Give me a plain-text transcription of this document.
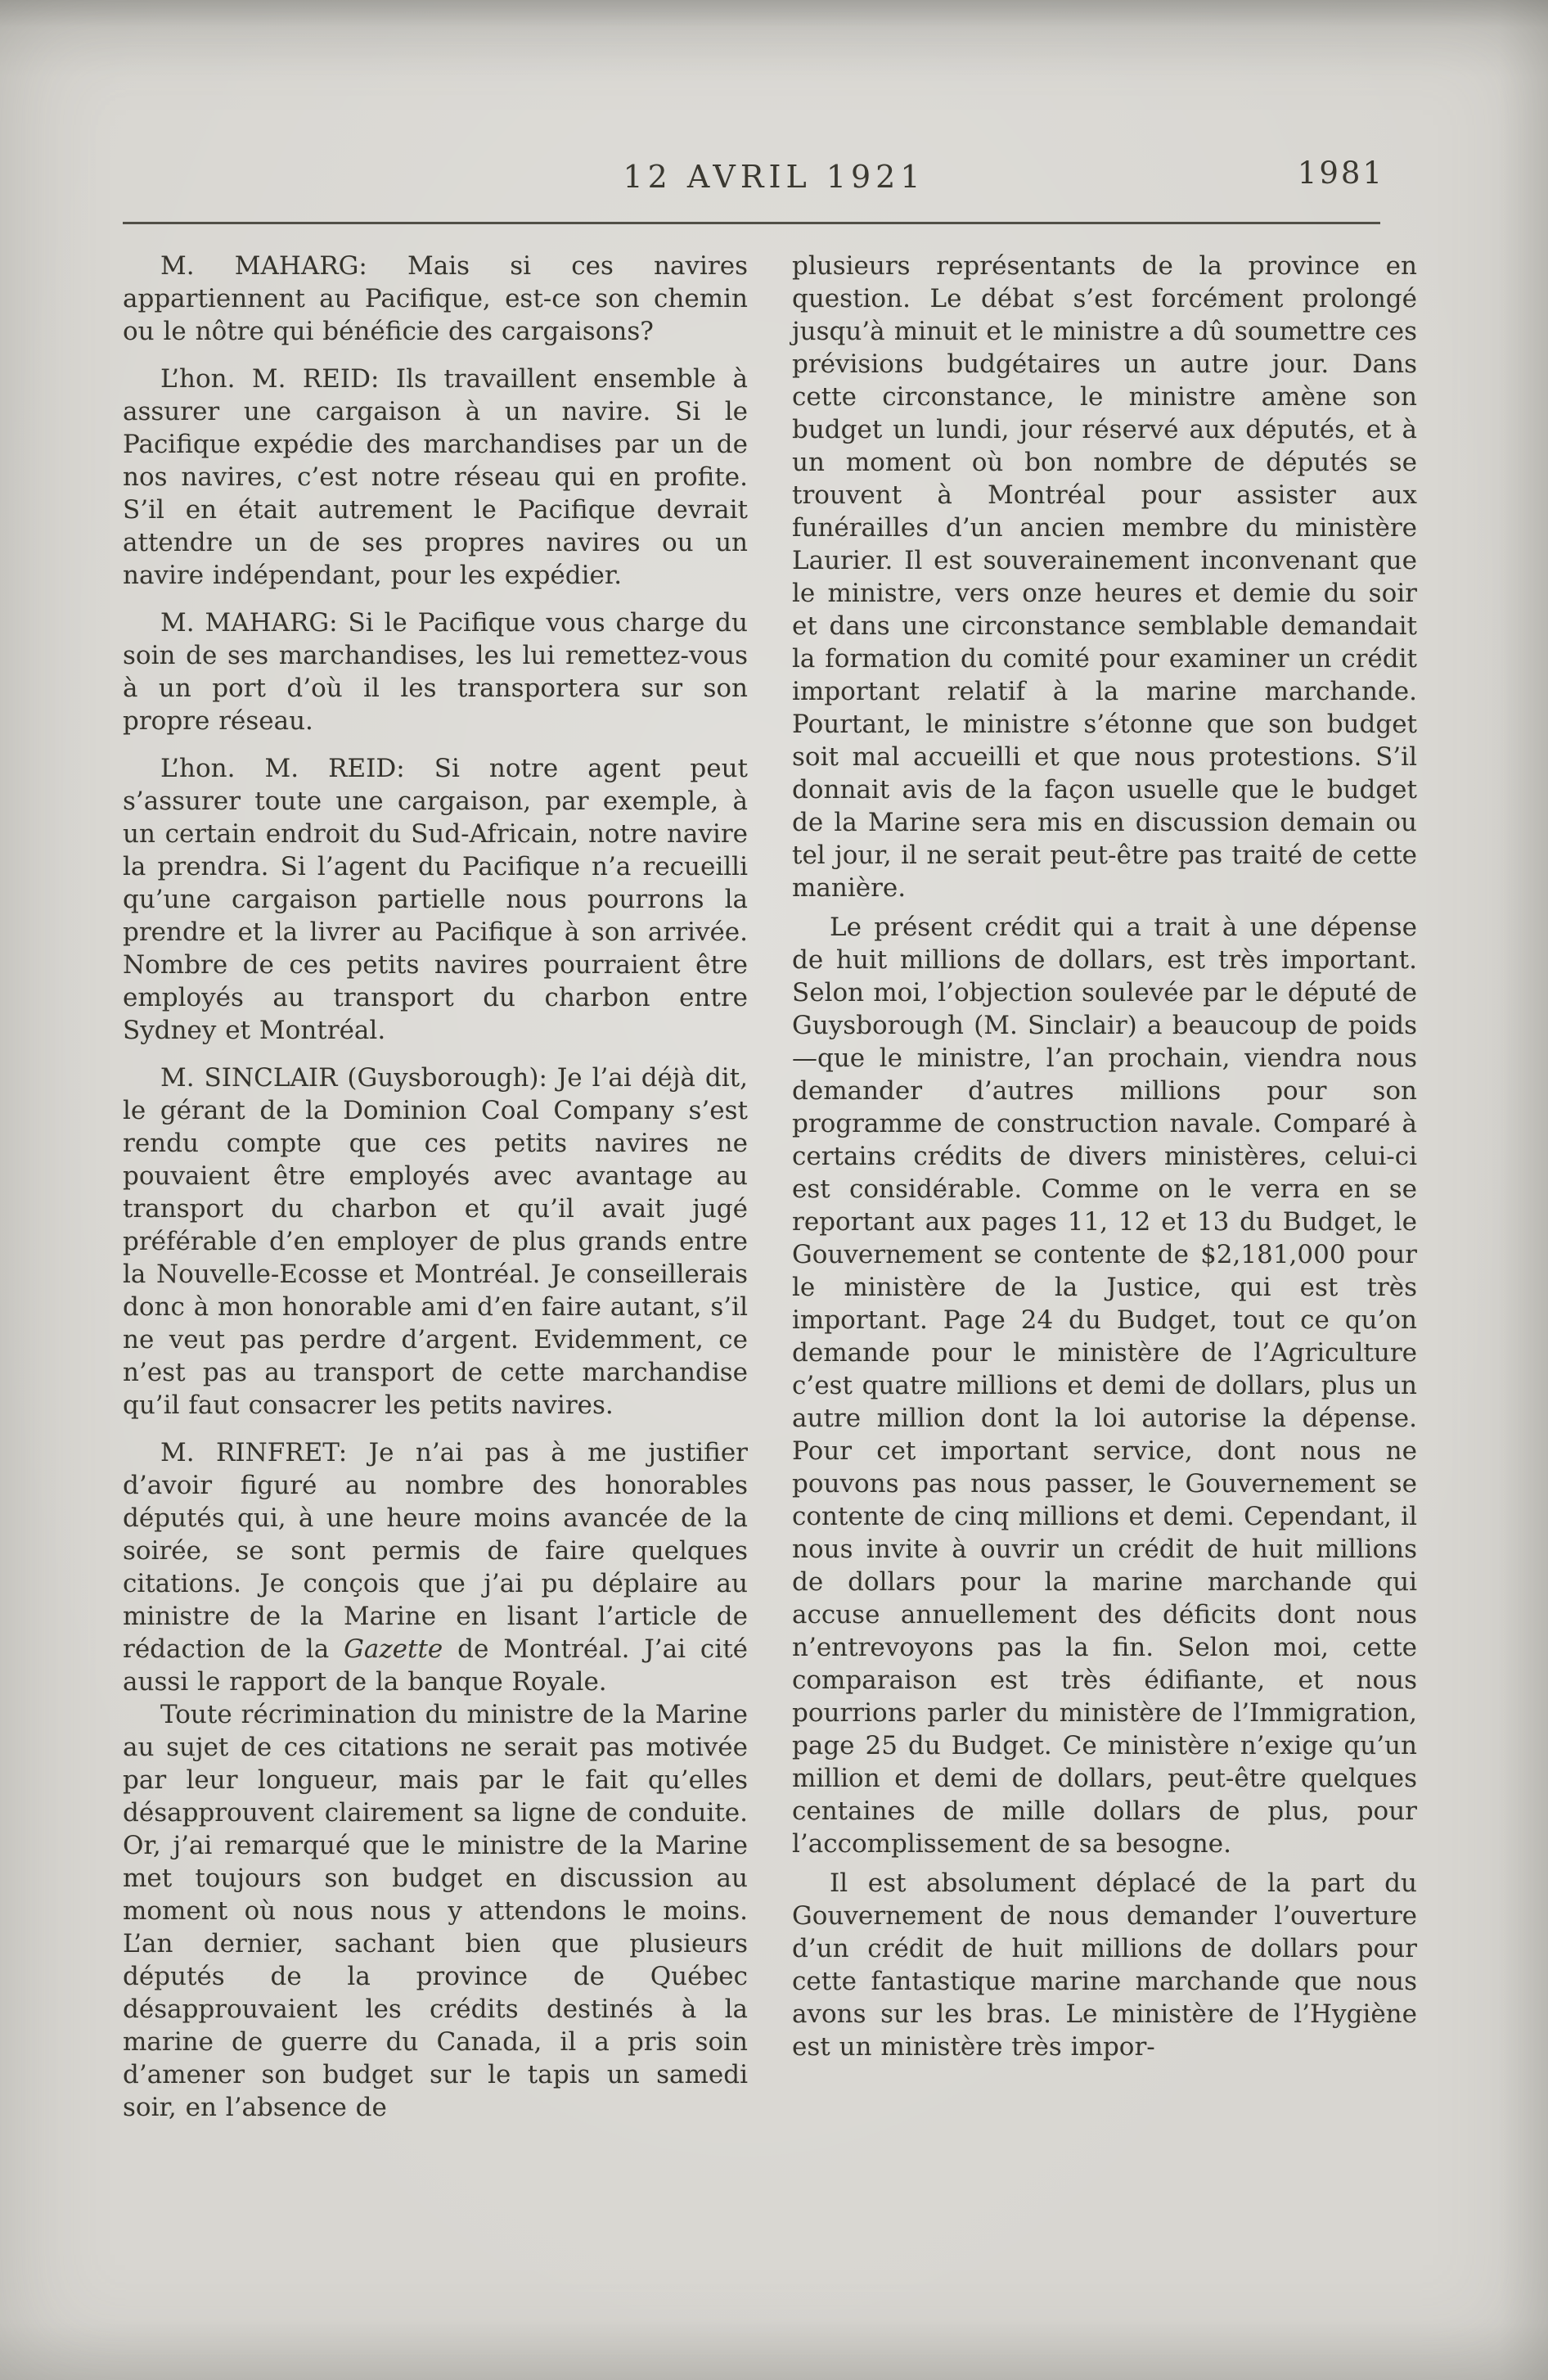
12 AVRIL 1921	1981

M. MAHARG: Mais si ces navires appartiennent au Pacifique, est-ce son chemin ou le nôtre qui bénéficie des cargaisons?

L’hon. M. REID: Ils travaillent ensemble à assurer une cargaison à un navire. Si le Pacifique expédie des marchandises par un de nos navires, c’est notre réseau qui en profite. S’il en était autrement le Pacifique devrait attendre un de ses propres navires ou un navire indépendant, pour les expédier.

M. MAHARG: Si le Pacifique vous charge du soin de ses marchandises, les lui remettez-vous à un port d’où il les transportera sur son propre réseau.

L’hon. M. REID: Si notre agent peut s’assurer toute une cargaison, par exemple, à un certain endroit du Sud-Africain, notre navire la prendra. Si l’agent du Pacifique n’a recueilli qu’une cargaison partielle nous pourrons la prendre et la livrer au Pacifique à son arrivée. Nombre de ces petits navires pourraient être employés au transport du charbon entre Sydney et Montréal.

M. SINCLAIR (Guysborough): Je l’ai déjà dit, le gérant de la Dominion Coal Company s’est rendu compte que ces petits navires ne pouvaient être employés avec avantage au transport du charbon et qu’il avait jugé préférable d’en employer de plus grands entre la Nouvelle-Ecosse et Montréal. Je conseillerais donc à mon honorable ami d’en faire autant, s’il ne veut pas perdre d’argent. Evidemment, ce n’est pas au transport de cette marchandise qu’il faut consacrer les petits navires.

M. RINFRET: Je n’ai pas à me justifier d’avoir figuré au nombre des honorables députés qui, à une heure moins avancée de la soirée, se sont permis de faire quelques citations. Je conçois que j’ai pu déplaire au ministre de la Marine en lisant l’article de rédaction de la Gazette de Montréal. J’ai cité aussi le rapport de la banque Royale.

Toute récrimination du ministre de la Marine au sujet de ces citations ne serait pas motivée par leur longueur, mais par le fait qu’elles désapprouvent clairement sa ligne de conduite. Or, j’ai remarqué que le ministre de la Marine met toujours son budget en discussion au moment où nous nous y attendons le moins. L’an dernier, sachant bien que plusieurs députés de la province de Québec désapprouvaient les crédits destinés à la marine de guerre du Canada, il a pris soin d’amener son budget sur le tapis un samedi soir, en l’absence de

plusieurs représentants de la province en question. Le débat s’est forcément prolongé jusqu’à minuit et le ministre a dû soumettre ces prévisions budgétaires un autre jour. Dans cette circonstance, le ministre amène son budget un lundi, jour réservé aux députés, et à un moment où bon nombre de députés se trouvent à Montréal pour assister aux funérailles d’un ancien membre du ministère Laurier. Il est souverainement inconvenant que le ministre, vers onze heures et demie du soir et dans une circonstance semblable demandait la formation du comité pour examiner un crédit important relatif à la marine marchande. Pourtant, le ministre s’étonne que son budget soit mal accueilli et que nous protestions. S’il donnait avis de la façon usuelle que le budget de la Marine sera mis en discussion demain ou tel jour, il ne serait peut-être pas traité de cette manière.

Le présent crédit qui a trait à une dépense de huit millions de dollars, est très important. Selon moi, l’objection soulevée par le député de Guysborough (M. Sinclair) a beaucoup de poids—que le ministre, l’an prochain, viendra nous demander d’autres millions pour son programme de construction navale. Comparé à certains crédits de divers ministères, celui-ci est considérable. Comme on le verra en se reportant aux pages 11, 12 et 13 du Budget, le Gouvernement se contente de $2,181,000 pour le ministère de la Justice, qui est très important. Page 24 du Budget, tout ce qu’on demande pour le ministère de l’Agriculture c’est quatre millions et demi de dollars, plus un autre million dont la loi autorise la dépense. Pour cet important service, dont nous ne pouvons pas nous passer, le Gouvernement se contente de cinq millions et demi. Cependant, il nous invite à ouvrir un crédit de huit millions de dollars pour la marine marchande qui accuse annuellement des déficits dont nous n’entrevoyons pas la fin. Selon moi, cette comparaison est très édifiante, et nous pourrions parler du ministère de l’Immigration, page 25 du Budget. Ce ministère n’exige qu’un million et demi de dollars, peut-être quelques centaines de mille dollars de plus, pour l’accomplissement de sa besogne.

Il est absolument déplacé de la part du Gouvernement de nous demander l’ouverture d’un crédit de huit millions de dollars pour cette fantastique marine marchande que nous avons sur les bras. Le ministère de l’Hygiène est un ministère très impor-
